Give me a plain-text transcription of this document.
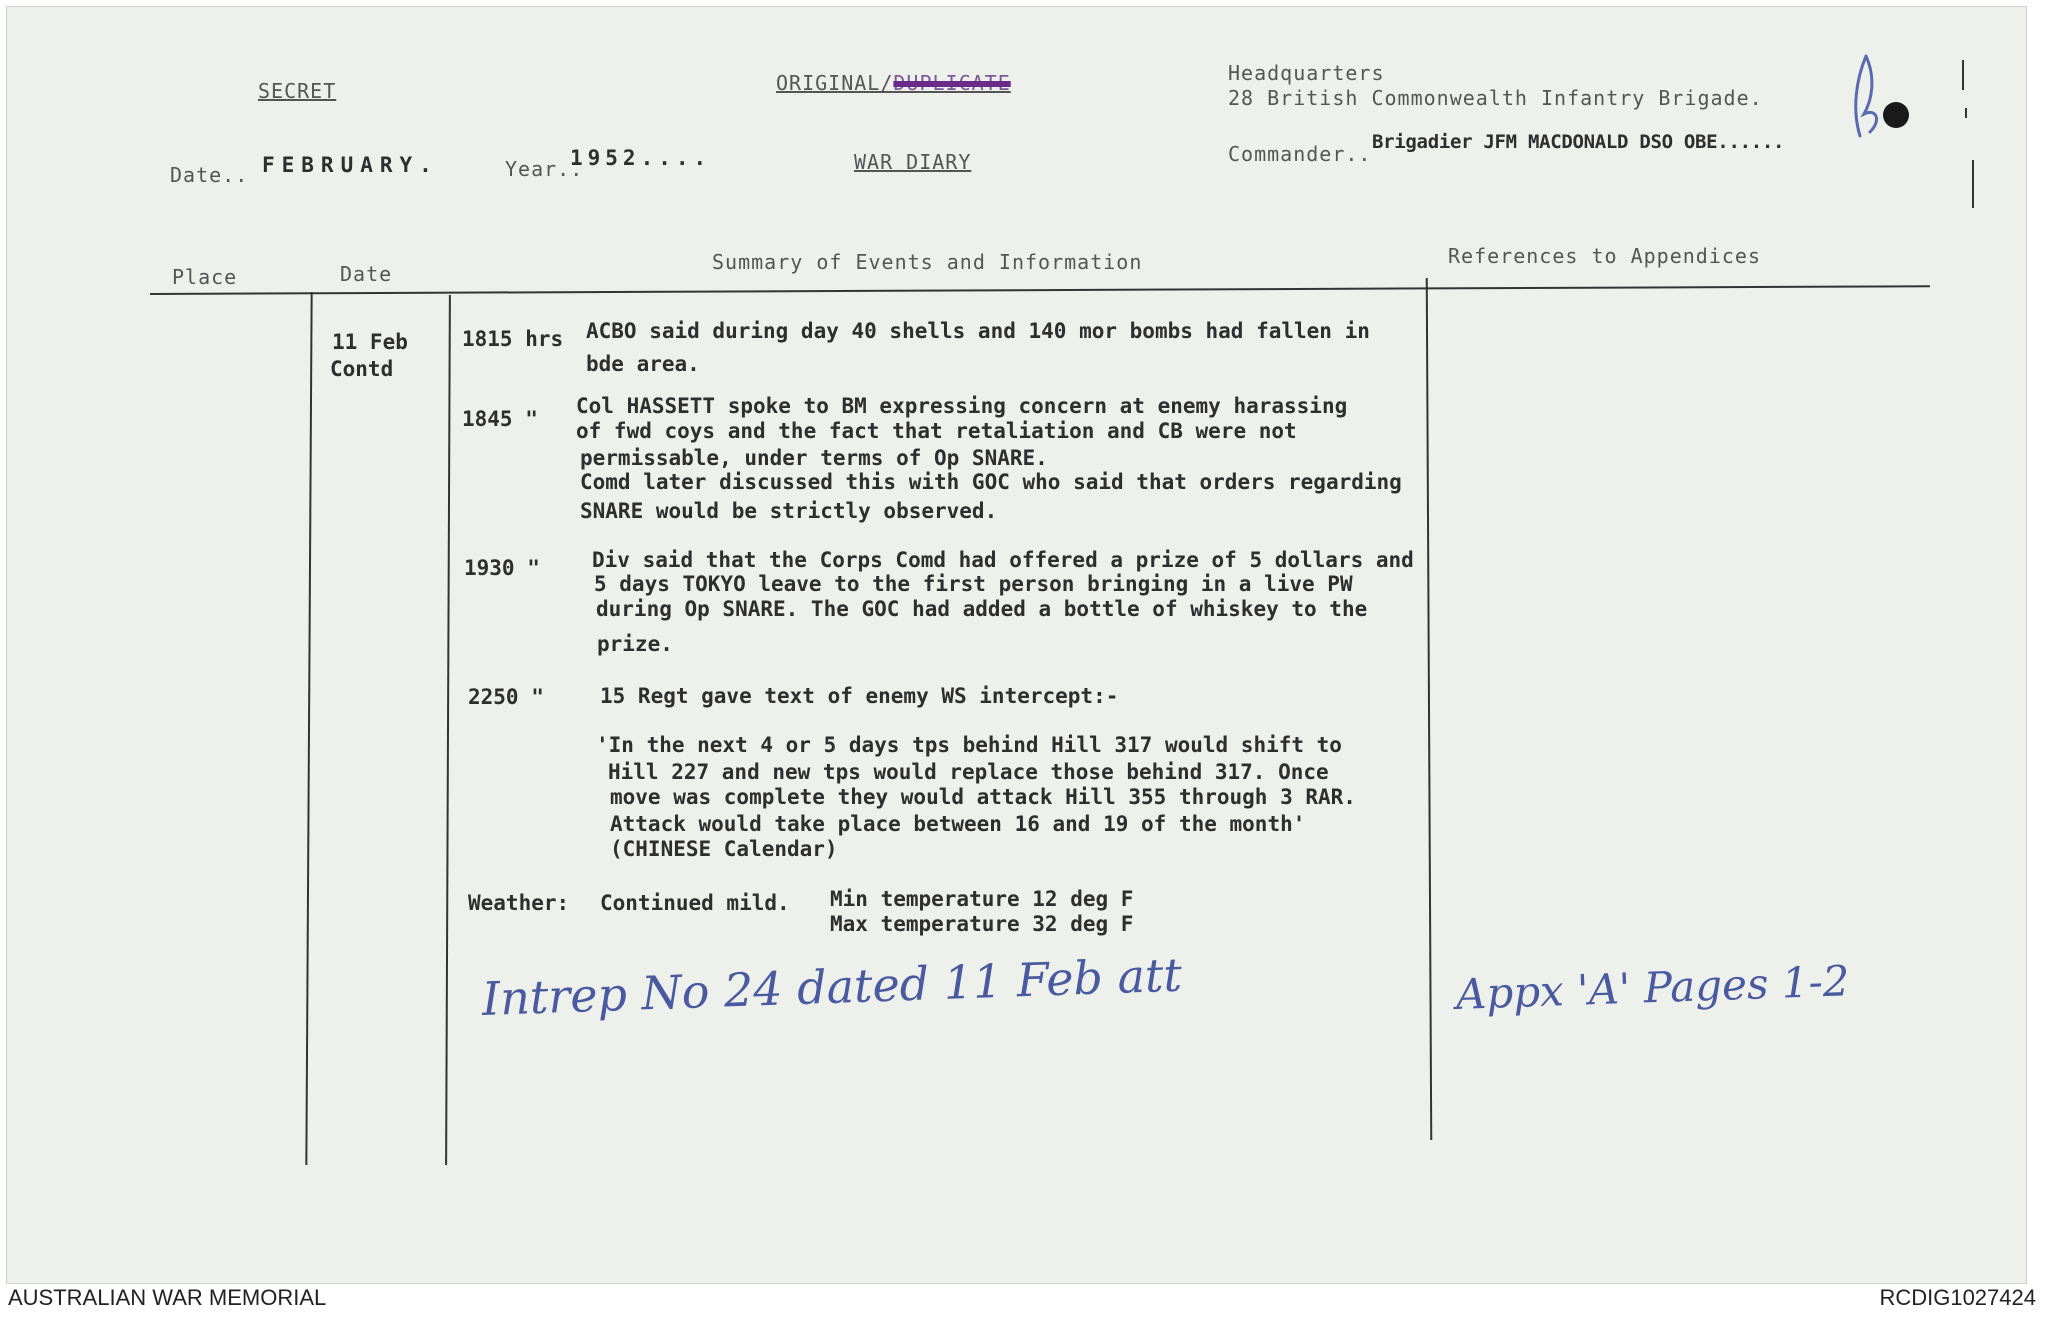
SECRET	ORIGINAL/DUPLICATE	Headquarters
28 British Commonwealth Infantry Brigade.
Date.. FEBRUARY.	Year..
1952....	WAR DIARY	Commander.. Brigadier JFM MACDONALD DSO OBE......
Place	Date	Summary of Events and Information	References to Appendices
11 Feb
Contd
1815 hrs ACBO said during day 40 shells and 140 mor bombs had fallen in
bde area.
1845 "
Col HASSETT spoke to BM expressing concern at enemy harassing
of fwd coys and the fact that retaliation and CB were not
permissable, under terms of Op SNARE.
Comd later discussed this with GOC who said that orders regarding
SNARE would be strictly observed.
1930 " Div said that the Corps Comd had offered a prize of 5 dollars and
5 days TOKYO leave to the first person bringing in a live PW
during Op SNARE. The GOC had added a bottle of whiskey to the
prize.
2250 "	15 Regt gave text of enemy WS intercept:-
'In the next 4 or 5 days tps behind Hill 317 would shift to
Hill 227 and new tps would replace those behind 317. Once
move was complete they would attack Hill 355 through 3 RAR.
Attack would take place between 16 and 19 of the month'
(CHINESE Calendar)
Weather: Continued mild. Min temperature 12 deg F
Max temperature 32 deg F
Intrep No 24 dated 11 Feb att	Appx 'A' Pages 1-2
AUSTRALIAN WAR MEMORIAL	RCDIG1027424
